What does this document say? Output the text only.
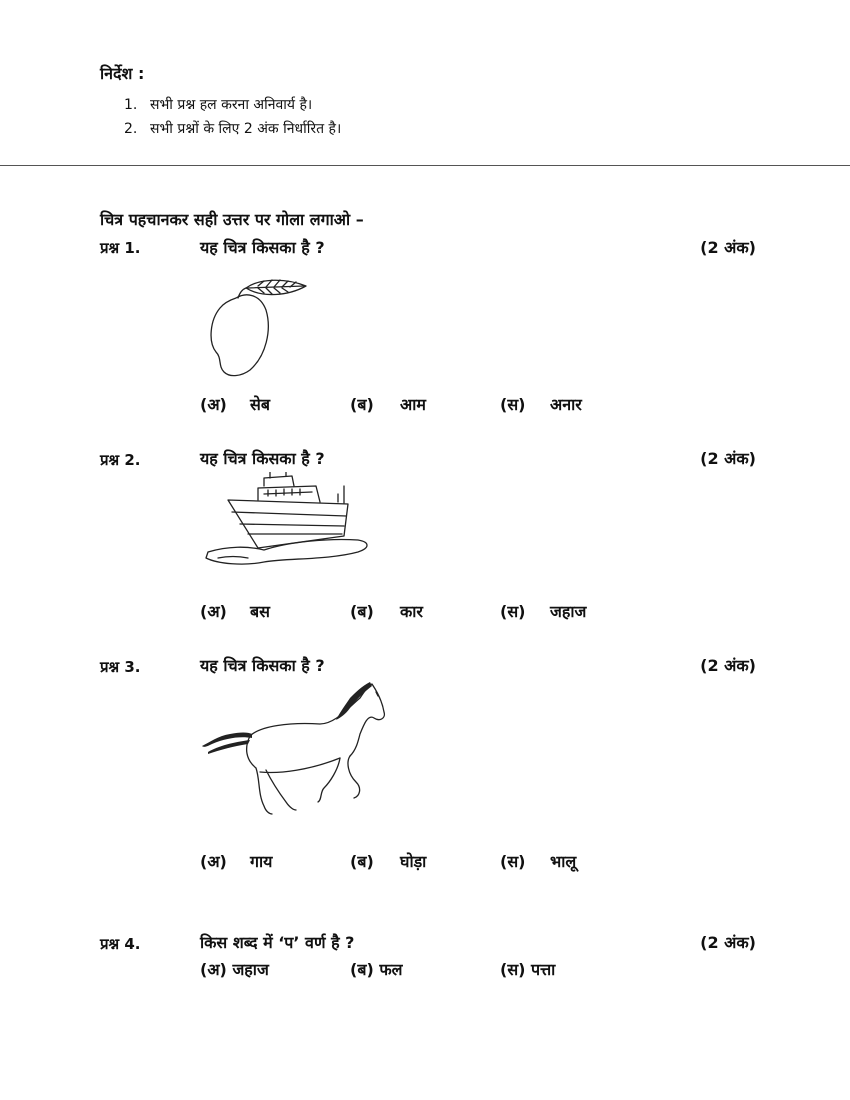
निर्देश :
1. सभी प्रश्न हल करना अनिवार्य है।
2. सभी प्रश्नों के लिए 2 अंक निर्धारित है।
चित्र पहचानकर सही उत्तर पर गोला लगाओ –
प्रश्न 1.	यह चित्र किसका है ?	(2 अंक)
(अ) सेब	(ब) आम	(स) अनार
प्रश्न 2.	यह चित्र किसका है ?	(2 अंक)
(अ) बस	(ब) कार	(स) जहाज
प्रश्न 3.	यह चित्र किसका है ?	(2 अंक)
(अ) गाय	(ब) घोड़ा	(स) भालू
प्रश्न 4.	किस शब्द में ‘प’ वर्ण है ?	(2 अंक)
(अ) जहाज	(ब) फल	(स) पत्ता
